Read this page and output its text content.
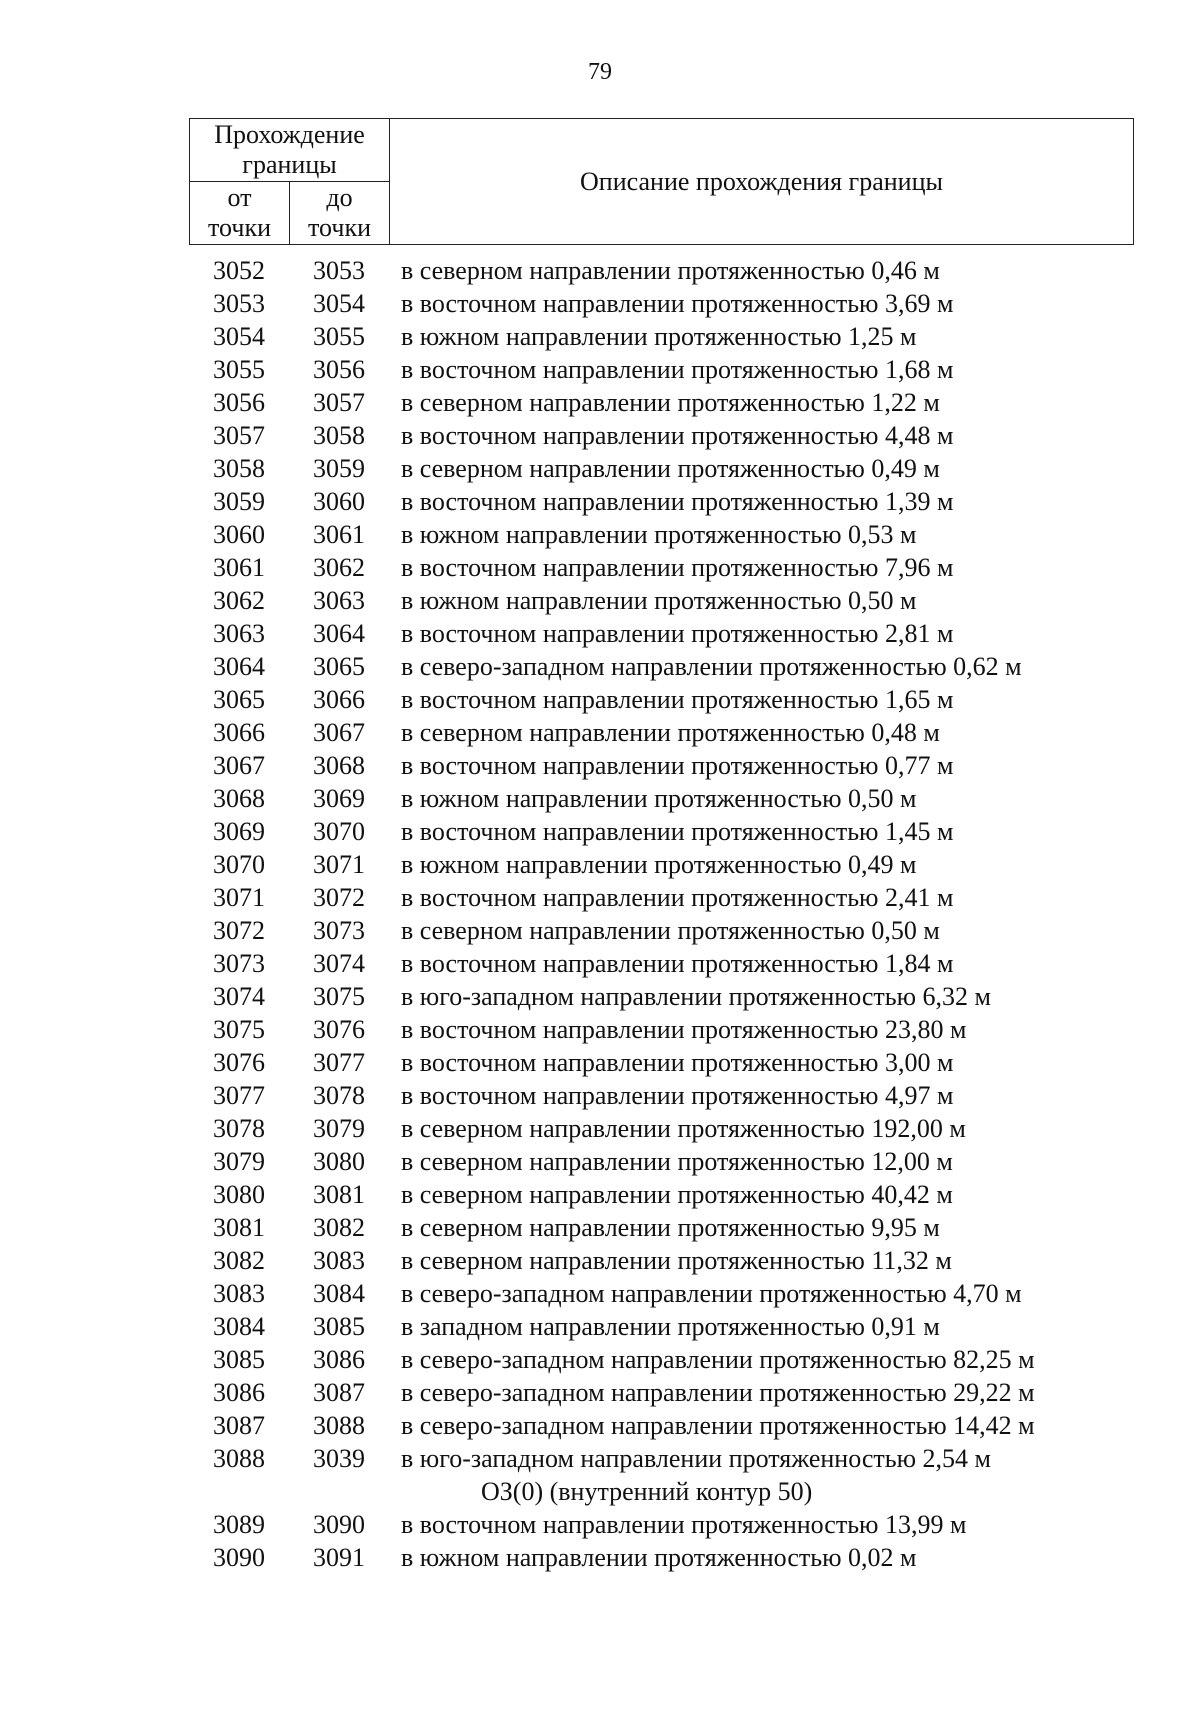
79
Прохождение границы		Описание прохождения границы
от точки	до точки	
3052	3053	в северном направлении протяженностью 0,46 м
3053	3054	в восточном направлении протяженностью 3,69 м
3054	3055	в южном направлении протяженностью 1,25 м
3055	3056	в восточном направлении протяженностью 1,68 м
3056	3057	в северном направлении протяженностью 1,22 м
3057	3058	в восточном направлении протяженностью 4,48 м
3058	3059	в северном направлении протяженностью 0,49 м
3059	3060	в восточном направлении протяженностью 1,39 м
3060	3061	в южном направлении протяженностью 0,53 м
3061	3062	в восточном направлении протяженностью 7,96 м
3062	3063	в южном направлении протяженностью 0,50 м
3063	3064	в восточном направлении протяженностью 2,81 м
3064	3065	в северо-западном направлении протяженностью 0,62 м
3065	3066	в восточном направлении протяженностью 1,65 м
3066	3067	в северном направлении протяженностью 0,48 м
3067	3068	в восточном направлении протяженностью 0,77 м
3068	3069	в южном направлении протяженностью 0,50 м
3069	3070	в восточном направлении протяженностью 1,45 м
3070	3071	в южном направлении протяженностью 0,49 м
3071	3072	в восточном направлении протяженностью 2,41 м
3072	3073	в северном направлении протяженностью 0,50 м
3073	3074	в восточном направлении протяженностью 1,84 м
3074	3075	в юго-западном направлении протяженностью 6,32 м
3075	3076	в восточном направлении протяженностью 23,80 м
3076	3077	в восточном направлении протяженностью 3,00 м
3077	3078	в восточном направлении протяженностью 4,97 м
3078	3079	в северном направлении протяженностью 192,00 м
3079	3080	в северном направлении протяженностью 12,00 м
3080	3081	в северном направлении протяженностью 40,42 м
3081	3082	в северном направлении протяженностью 9,95 м
3082	3083	в северном направлении протяженностью 11,32 м
3083	3084	в северо-западном направлении протяженностью 4,70 м
3084	3085	в западном направлении протяженностью 0,91 м
3085	3086	в северо-западном направлении протяженностью 82,25 м
3086	3087	в северо-западном направлении протяженностью 29,22 м
3087	3088	в северо-западном направлении протяженностью 14,42 м
3088	3039	в юго-западном направлении протяженностью 2,54 м
ОЗ(0) (внутренний контур 50)
3089	3090	в восточном направлении протяженностью 13,99 м
3090	3091	в южном направлении протяженностью 0,02 м
